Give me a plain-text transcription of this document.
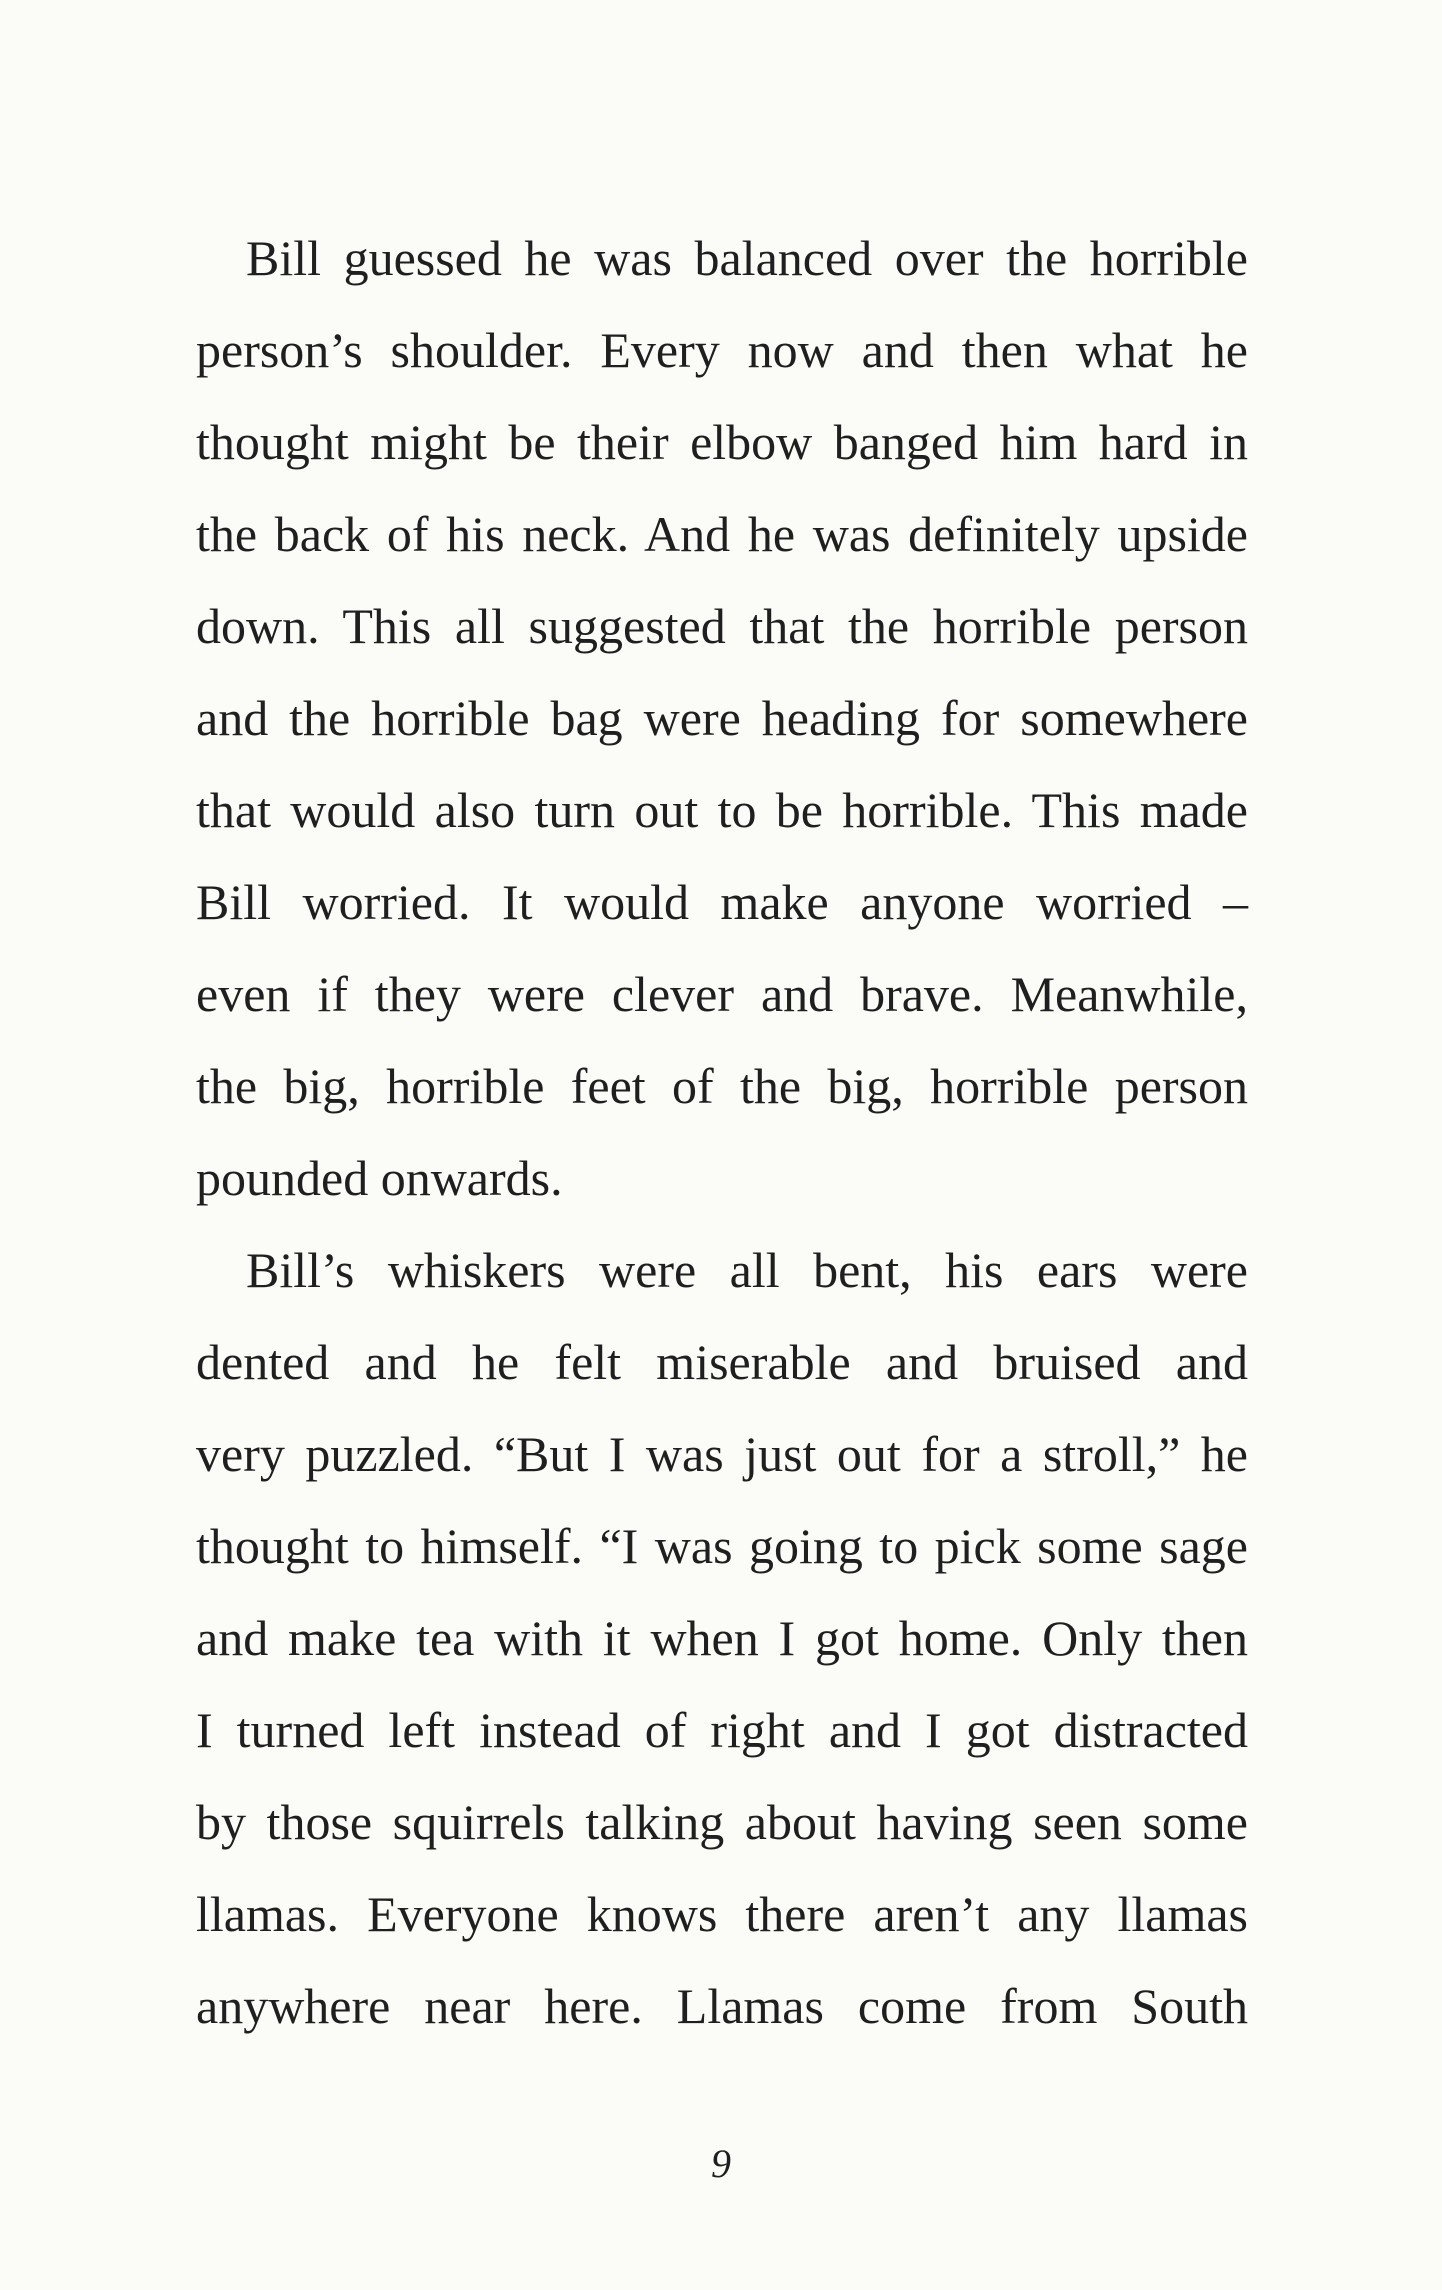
 Bill guessed he was balanced over the horrible
person’s shoulder. Every now and then what he
thought might be their elbow banged him hard in
the back of his neck. And he was definitely upside
down. This all suggested that the horrible person
and the horrible bag were heading for somewhere
that would also turn out to be horrible. This made
Bill worried. It would make anyone worried –
even if they were clever and brave. Meanwhile,
the big, horrible feet of the big, horrible person
pounded onwards.
 Bill’s whiskers were all bent, his ears were
dented and he felt miserable and bruised and
very puzzled. “But I was just out for a stroll,” he
thought to himself. “I was going to pick some sage
and make tea with it when I got home. Only then
I turned left instead of right and I got distracted
by those squirrels talking about having seen some
llamas. Everyone knows there aren’t any llamas
anywhere near here. Llamas come from South
9
